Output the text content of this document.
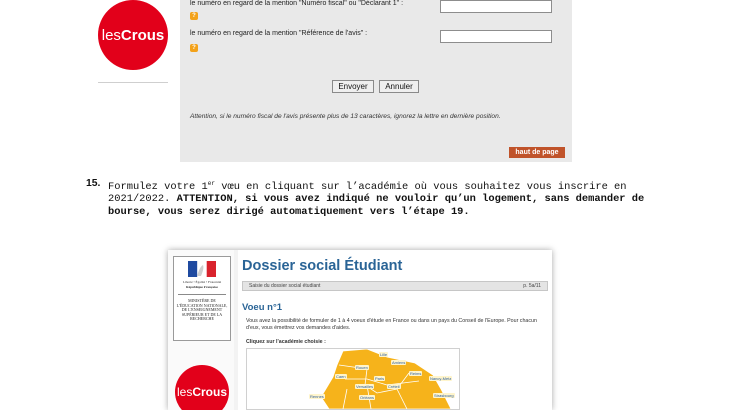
les Crous
le numéro en regard de la mention "Numéro fiscal" ou "Déclarant 1" :
?
le numéro en regard de la mention "Référence de l'avis" :
?
Envoyer	Annuler
Attention, si le numéro fiscal de l'avis présente plus de 13 caractères, ignorez la lettre en dernière position.
haut de page
15. Formulez votre 1er vœu en cliquant sur l’académie où vous souhaitez vous inscrire en 2021/2022. ATTENTION, si vous avez indiqué ne vouloir qu’un logement, sans demander de bourse, vous serez dirigé automatiquement vers l’étape 19.
Liberté • Égalité • Fraternité
République Française
MINISTÈRE DE L'ÉDUCATION NATIONALE, DE L'ENSEIGNEMENT SUPÉRIEUR ET DE LA RECHERCHE
les Crous
Dossier social Étudiant
Saisie du dossier social étudiant	p. 5a/11
Voeu n°1
Vous avez la possibilité de formuler de 1 à 4 voeux d'étude en France ou dans un pays du Conseil de l'Europe. Pour chacun d'eux, vous émettrez vos demandes d'aides.
Cliquez sur l'académie choisie :
Lille
Amiens
Rouen
Reims
Caen	Paris	Nancy-Metz
Versailles	Créteil
Strasbourg
Rennes	Orléans
